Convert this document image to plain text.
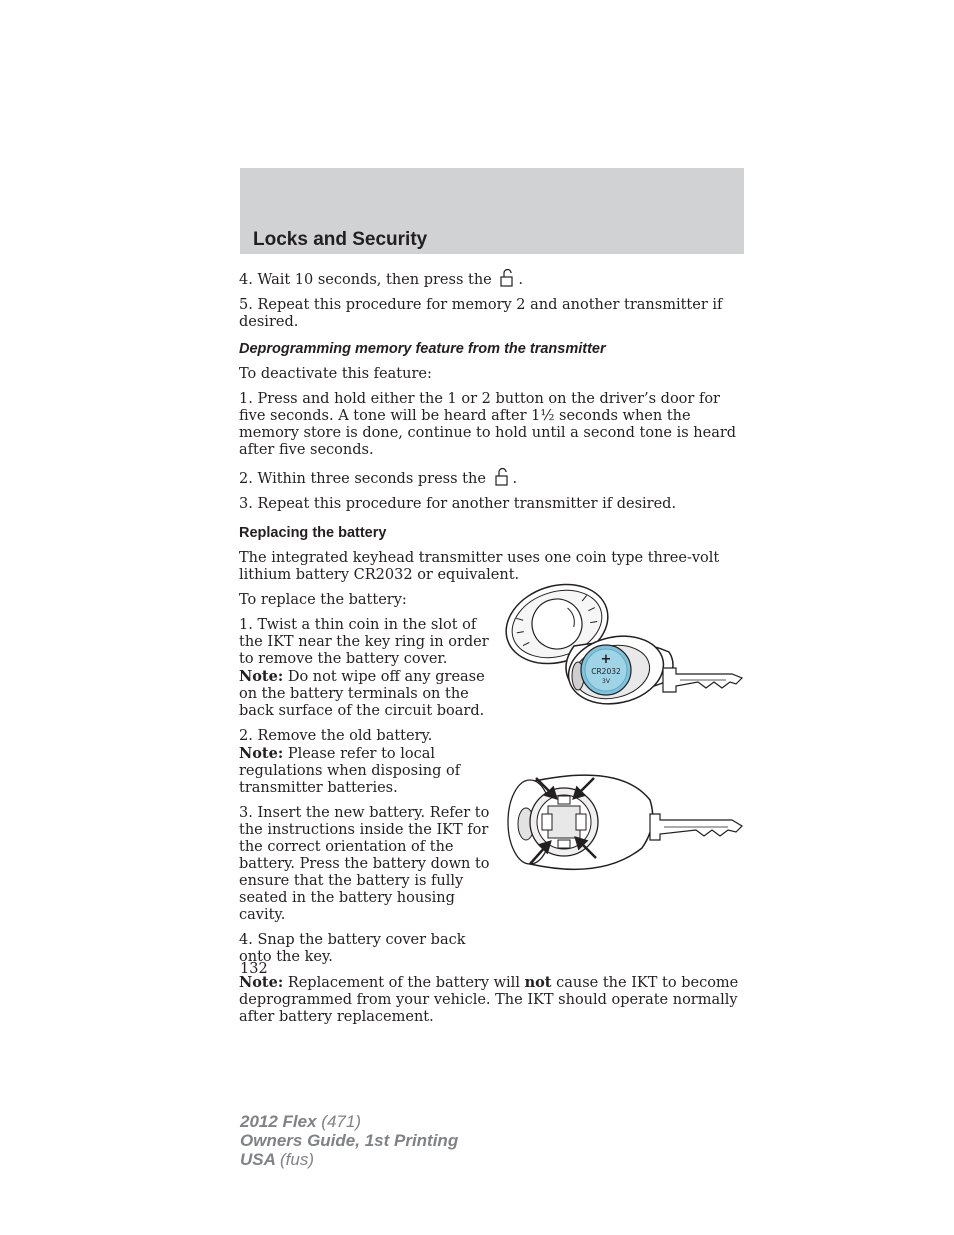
Locks and Security

4. Wait 10 seconds, then press the .

5. Repeat this procedure for memory 2 and another transmitter if desired.

Deprogramming memory feature from the transmitter

To deactivate this feature:

1. Press and hold either the 1 or 2 button on the driver’s door for five seconds. A tone will be heard after 1½ seconds when the memory store is done, continue to hold until a second tone is heard after five seconds.

2. Within three seconds press the .

3. Repeat this procedure for another transmitter if desired.

Replacing the battery

The integrated keyhead transmitter uses one coin type three-volt lithium battery CR2032 or equivalent.

To replace the battery:

1. Twist a thin coin in the slot of the IKT near the key ring in order to remove the battery cover. Note: Do not wipe off any grease on the battery terminals on the back surface of the circuit board.

2. Remove the old battery.
Note: Please refer to local regulations when disposing of transmitter batteries.

3. Insert the new battery. Refer to the instructions inside the IKT for the correct orientation of the battery. Press the battery down to ensure that the battery is fully seated in the battery housing cavity.

4. Snap the battery cover back onto the key.

Note: Replacement of the battery will not cause the IKT to become deprogrammed from your vehicle. The IKT should operate normally after battery replacement.

+
CR2032
3V
132
2012 Flex (471)
Owners Guide, 1st Printing
USA (fus)
